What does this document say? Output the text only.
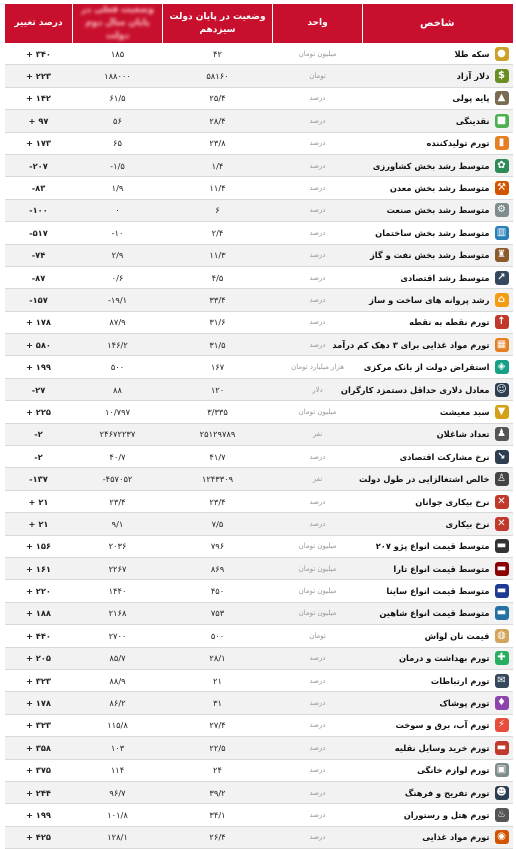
شاخص	واحد	وضعیت در پایان دولت سیزدهم	وضعیت فعلی در پایان سال دوم دولت	درصد تغییر
●سکه طلا	میلیون تومان	۴۲	۱۸۵	+ ۳۴۰
$دلار آزاد	تومان	۵۸۱۶۰	۱۸۸۰۰۰	+ ۲۲۳
▲پایه پولی	درصد	۲۵/۴	۶۱/۵	+ ۱۴۲
■نقدینگی	درصد	۲۸/۴	۵۶	+ ۹۷
▮تورم تولیدکننده	درصد	۲۳/۸	۶۵	+ ۱۷۳
✿متوسط رشد بخش کشاورزی	درصد	۱/۴	-۱/۵	-۲۰۷
⚒متوسط رشد بخش معدن	درصد	۱۱/۴	۱/۹	-۸۳
⚙متوسط رشد بخش صنعت	درصد	۶	۰	-۱۰۰
▥متوسط رشد بخش ساختمان	درصد	۲/۴	-۱۰	-۵۱۷
♜متوسط رشد بخش نفت و گاز	درصد	۱۱/۳	۲/۹	-۷۴
↗متوسط رشد اقتصادی	درصد	۴/۵	۰/۶	-۸۷
⌂رشد پروانه های ساخت و ساز	درصد	۳۳/۴	-۱۹/۱	-۱۵۷
↑تورم نقطه به نقطه	درصد	۳۱/۶	۸۷/۹	+ ۱۷۸
▦تورم مواد غذایی برای ۳ دهک کم درآمد	درصد	۳۱/۵	۱۴۶/۲	+ ۵۸۰
◈استقراض دولت از بانک مرکزی	هزار میلیارد تومان	۱۶۷	۵۰۰	+ ۱۹۹
☺معادل دلاری حداقل دستمزد کارگران	دلار	۱۲۰	۸۸	-۲۷
▼سبد معیشت	میلیون تومان	۳/۳۳۵	۱۰/۷۹۷	+ ۲۲۵
♟تعداد شاغلان	نفر	۲۵۱۲۹۷۸۹	۲۴۶۷۲۲۳۷	-۲
↘نرخ مشارکت اقتصادی	درصد	۴۱/۷	۴۰/۷	-۲
♙خالص اشتغالزایی در طول دولت	نفر	۱۲۴۳۳۰۹	-۴۵۷۰۵۲	-۱۳۷
✕نرخ بیکاری جوانان	درصد	۲۳/۴	۲۳/۴	+ ۲۱
✕نرخ بیکاری	درصد	۷/۵	۹/۱	+ ۲۱
▬متوسط قیمت انواع پژو ۲۰۷	میلیون تومان	۷۹۶	۲۰۳۶	+ ۱۵۶
▬متوسط قیمت انواع تارا	میلیون تومان	۸۶۹	۲۲۶۷	+ ۱۶۱
▬متوسط قیمت انواع ساینا	میلیون تومان	۴۵۰	۱۴۴۰	+ ۲۲۰
▬متوسط قیمت انواع شاهین	میلیون تومان	۷۵۳	۲۱۶۸	+ ۱۸۸
◍قیمت نان لواش	تومان	۵۰۰	۲۷۰۰	+ ۴۴۰
✚تورم بهداشت و درمان	درصد	۲۸/۱	۸۵/۷	+ ۲۰۵
✉تورم ارتباطات	درصد	۲۱	۸۸/۹	+ ۳۲۳
♦تورم پوشاک	درصد	۳۱	۸۶/۲	+ ۱۷۸
⚡تورم آب، برق و سوخت	درصد	۲۷/۴	۱۱۵/۸	+ ۳۲۳
▬تورم خرید وسایل نقلیه	درصد	۲۲/۵	۱۰۳	+ ۳۵۸
▣تورم لوازم خانگی	درصد	۲۴	۱۱۴	+ ۳۷۵
☻تورم تفریح و فرهنگ	درصد	۳۹/۲	۹۶/۷	+ ۲۴۴
♨تورم هتل و رستوران	درصد	۳۴/۱	۱۰۱/۸	+ ۱۹۹
◉تورم مواد غذایی	درصد	۲۶/۴	۱۲۸/۱	+ ۴۲۵
